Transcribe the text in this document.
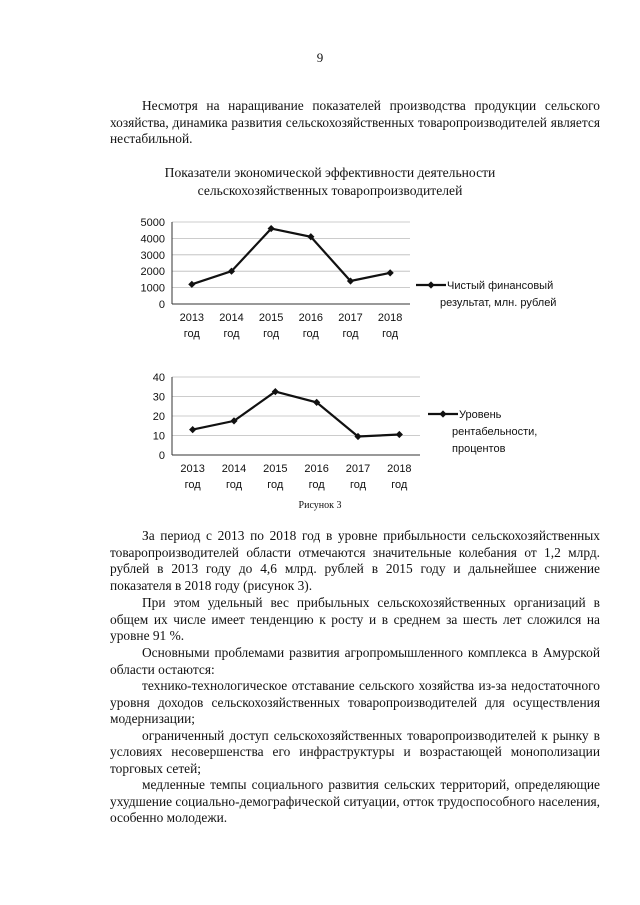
9

Несмотря на наращивание показателей производства продукции сельского хозяйства, динамика развития сельскохозяйственных товаропроизводителей является нестабильной.

Показатели экономической эффективности деятельности сельскохозяйственных товаропроизводителей
0
1000
2000
3000
4000
5000
2013
год
2014
год
2015
год
2016
год
2017
год
2018
год
Чистый финансовый
результат, млн. рублей
0
10
20
30
40
2013
год
2014
год
2015
год
2016
год
2017
год
2018
год
Уровень
рентабельности,
процентов
Рисунок 3

За период с 2013 по 2018 год в уровне прибыльности сельскохозяйственных товаропроизводителей области отмечаются значительные колебания от 1,2 млрд. рублей в 2013 году до 4,6 млрд. рублей в 2015 году и дальнейшее снижение показателя в 2018 году (рисунок 3).

При этом удельный вес прибыльных сельскохозяйственных организаций в общем их числе имеет тенденцию к росту и в среднем за шесть лет сложился на уровне 91 %.

Основными проблемами развития агропромышленного комплекса в Амурской области остаются:

технико-технологическое отставание сельского хозяйства из-за недостаточного уровня доходов сельскохозяйственных товаропроизводителей для осуществления модернизации;
ограниченный доступ сельскохозяйственных товаропроизводителей к рынку в условиях несовершенства его инфраструктуры и возрастающей монополизации торговых сетей;
медленные темпы социального развития сельских территорий, определяющие ухудшение социально-демографической ситуации, отток трудоспособного населения, особенно молодежи.
